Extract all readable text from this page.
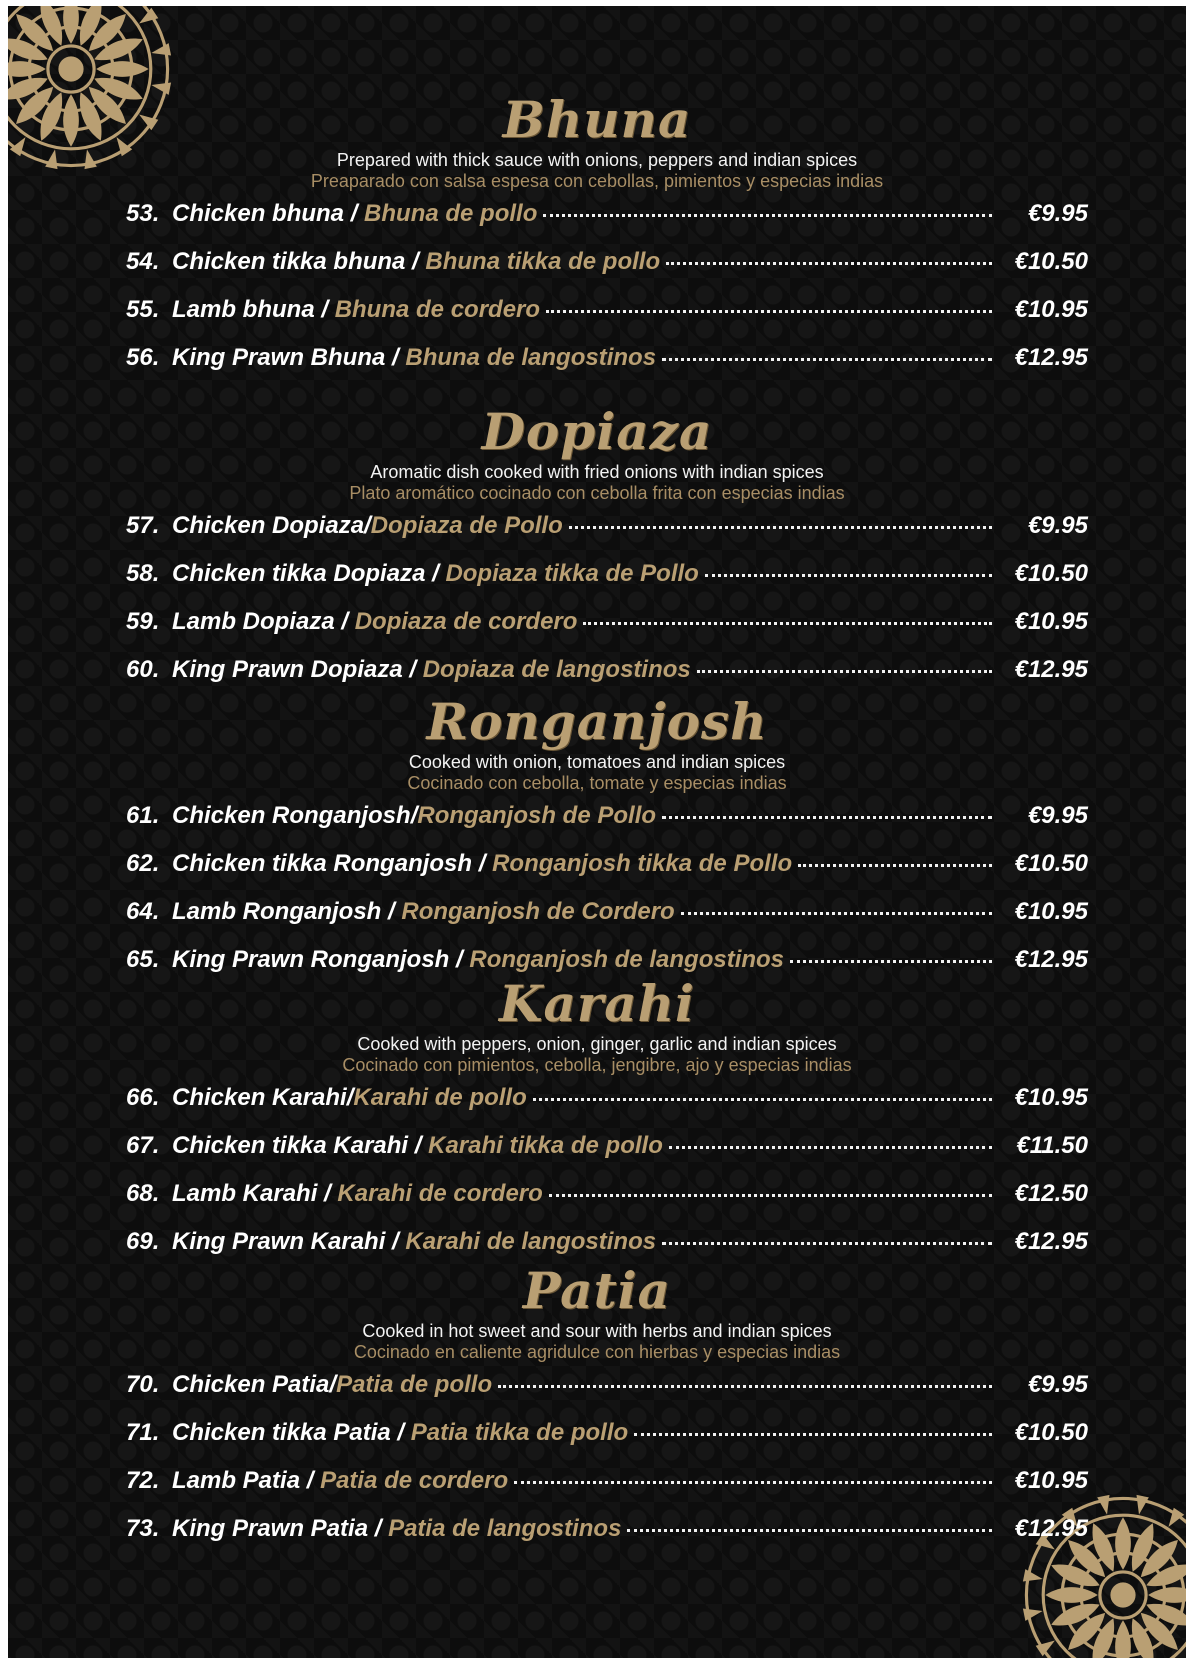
Bhuna
Prepared with thick sauce with onions, peppers and indian spices
Preaparado con salsa espesa con cebollas, pimientos y especias indias
53. Chicken bhuna / Bhuna de pollo	€9.95
54. Chicken tikka bhuna / Bhuna tikka de pollo	€10.50
55. Lamb bhuna / Bhuna de cordero	€10.95
56. King Prawn Bhuna / Bhuna de langostinos	€12.95
Dopiaza
Aromatic dish cooked with fried onions with indian spices
Plato aromático cocinado con cebolla frita con especias indias
57. Chicken Dopiaza / Dopiaza de Pollo	€9.95
58. Chicken tikka Dopiaza / Dopiaza tikka de Pollo	€10.50
59. Lamb Dopiaza / Dopiaza de cordero	€10.95
60. King Prawn Dopiaza / Dopiaza de langostinos	€12.95
Ronganjosh
Cooked with onion, tomatoes and indian spices
Cocinado con cebolla, tomate y especias indias
61. Chicken Ronganjosh / Ronganjosh de Pollo	€9.95
62. Chicken tikka Ronganjosh / Ronganjosh tikka de Pollo	€10.50
64. Lamb Ronganjosh / Ronganjosh de Cordero	€10.95
65. King Prawn Ronganjosh / Ronganjosh de langostinos	€12.95
Karahi
Cooked with peppers, onion, ginger, garlic and indian spices
Cocinado con pimientos, cebolla, jengibre, ajo y especias indias
66. Chicken Karahi / Karahi de pollo	€10.95
67. Chicken tikka Karahi / Karahi tikka de pollo	€11.50
68. Lamb Karahi / Karahi de cordero	€12.50
69. King Prawn Karahi / Karahi de langostinos	€12.95
Patia
Cooked in hot sweet and sour with herbs and indian spices
Cocinado en caliente agridulce con hierbas y especias indias
70. Chicken Patia / Patia de pollo	€9.95
71. Chicken tikka Patia / Patia tikka de pollo	€10.50
72. Lamb Patia / Patia de cordero	€10.95
73. King Prawn Patia / Patia de langostinos	€12.95
